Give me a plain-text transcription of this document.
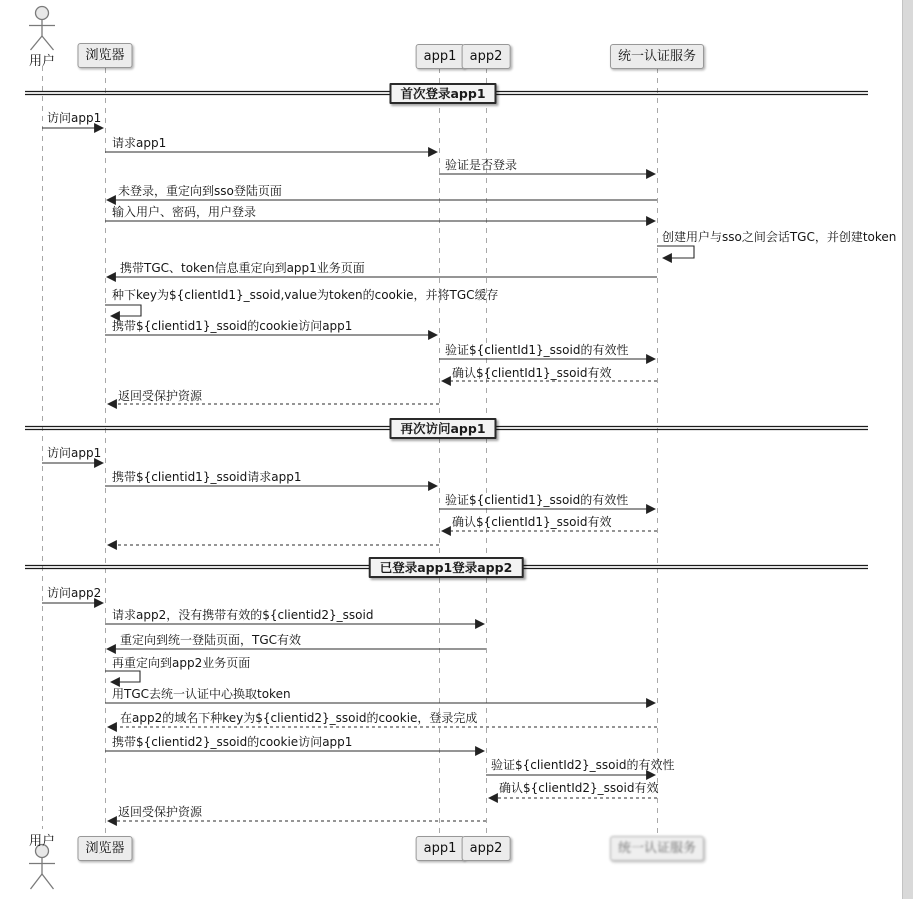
用户	浏览器	app1	app2	统一认证服务
用户	浏览器	app1	app2	统一认证服务
首次登录app1
再次访问app1
已登录app1登录app2
访问app1
请求app1
验证是否登录
未登录，重定向到sso登陆页面
输入用户、密码，用户登录
创建用户与sso之间会话TGC，并创建token
携带TGC、token信息重定向到app1业务页面
种下key为${clientId1}_ssoid,value为token的cookie，并将TGC缓存
携带${clientid1}_ssoid的cookie访问app1
验证${clientId1}_ssoid的有效性
确认${clientId1}_ssoid有效
返回受保护资源
访问app1
携带${clientid1}_ssoid请求app1
验证${clientid1}_ssoid的有效性
确认${clientId1}_ssoid有效
访问app2
请求app2，没有携带有效的${clientid2}_ssoid
重定向到统一登陆页面，TGC有效
再重定向到app2业务页面
用TGC去统一认证中心换取token
在app2的域名下种key为${clientid2}_ssoid的cookie，登录完成
携带${clientid2}_ssoid的cookie访问app1
验证${clientId2}_ssoid的有效性
确认${clientId2}_ssoid有效
返回受保护资源
